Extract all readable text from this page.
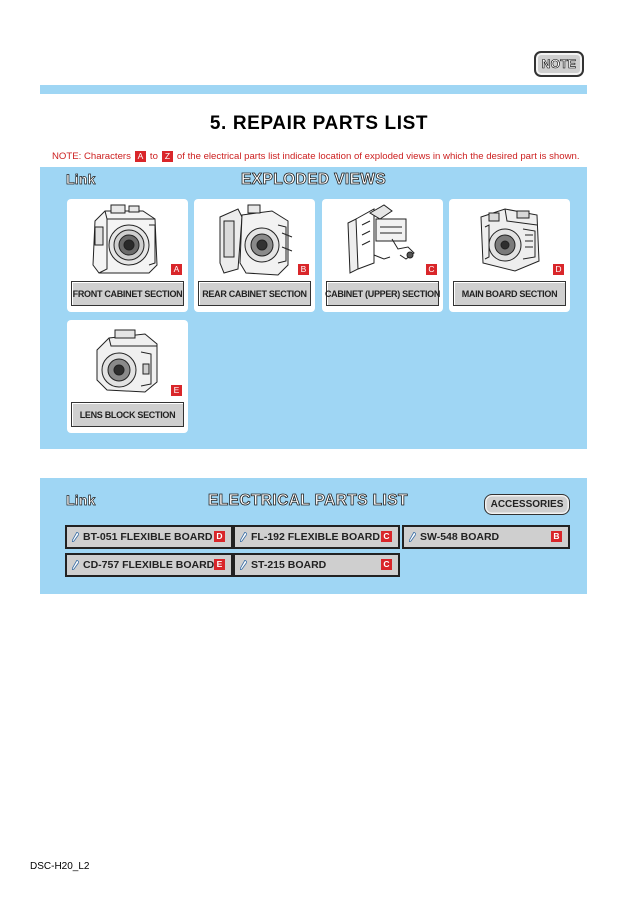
NOTE
5. REPAIR PARTS LIST
NOTE: Characters A to Z of the electrical parts list indicate location of exploded views in which the desired part is shown.
Link	EXPLODED VIEWS
A
FRONT CABINET SECTION
B
REAR CABINET SECTION
C
CABINET (UPPER) SECTION
D
MAIN BOARD SECTION
E
LENS BLOCK SECTION
Link	ELECTRICAL PARTS LIST	ACCESSORIES
BT-051 FLEXIBLE BOARD D	FL-192 FLEXIBLE BOARD C	SW-548 BOARD	B
CD-757 FLEXIBLE BOARD E	ST-215 BOARD	C
DSC-H20_L2
